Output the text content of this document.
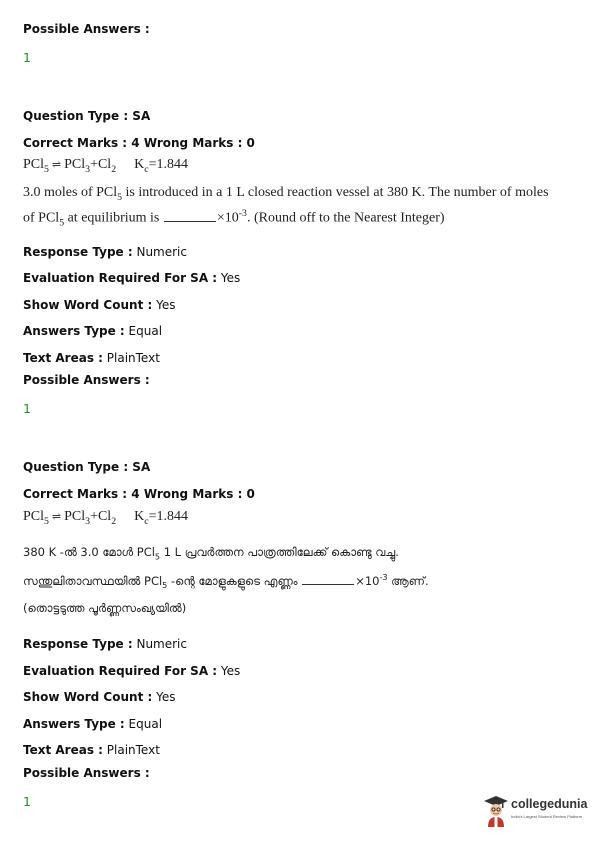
Possible Answers :
1
Question Type : SA
Correct Marks : 4 Wrong Marks : 0
PCl$_5$ ⇌ $PCl_3+Cl_2$ $K_c=1.844$
3.0 moles of PCl$_5$ is introduced in a 1 L closed reaction vessel at 380 K. The number of moles
of PCl$_5$ at equilibrium is	$\times 10^{-3}$. (Round off to the Nearest Integer)
Response Type : Numeric
Evaluation Required For SA : Yes
Show Word Count : Yes
Answers Type : Equal
Text Areas : PlainText
Possible Answers :
1
Question Type : SA
Correct Marks : 4 Wrong Marks : 0
PCl$_5$ ⇌ $PCl_3+Cl_2$ $K_c=1.844$
380 K -ൽ 3.0 മോൾ PCl$_5$ 1 L പ്രവർത്തന പാത്രത്തിലേക്ക് കൊണ്ടു വച്ചു.
സന്തുലിതാവസ്ഥയിൽ PCl$_5$ -ന്റെ മോളുകളുടെ എണ്ണം	$\times 10^{-3}$ ആണ്.
(തൊട്ടടുത്ത പൂർണ്ണസംഖ്യയിൽ)
Response Type : Numeric
Evaluation Required For SA : Yes
Show Word Count : Yes
Answers Type : Equal
Text Areas : PlainText
Possible Answers :
1	collegedunia
India's Largest Student Review Platform
